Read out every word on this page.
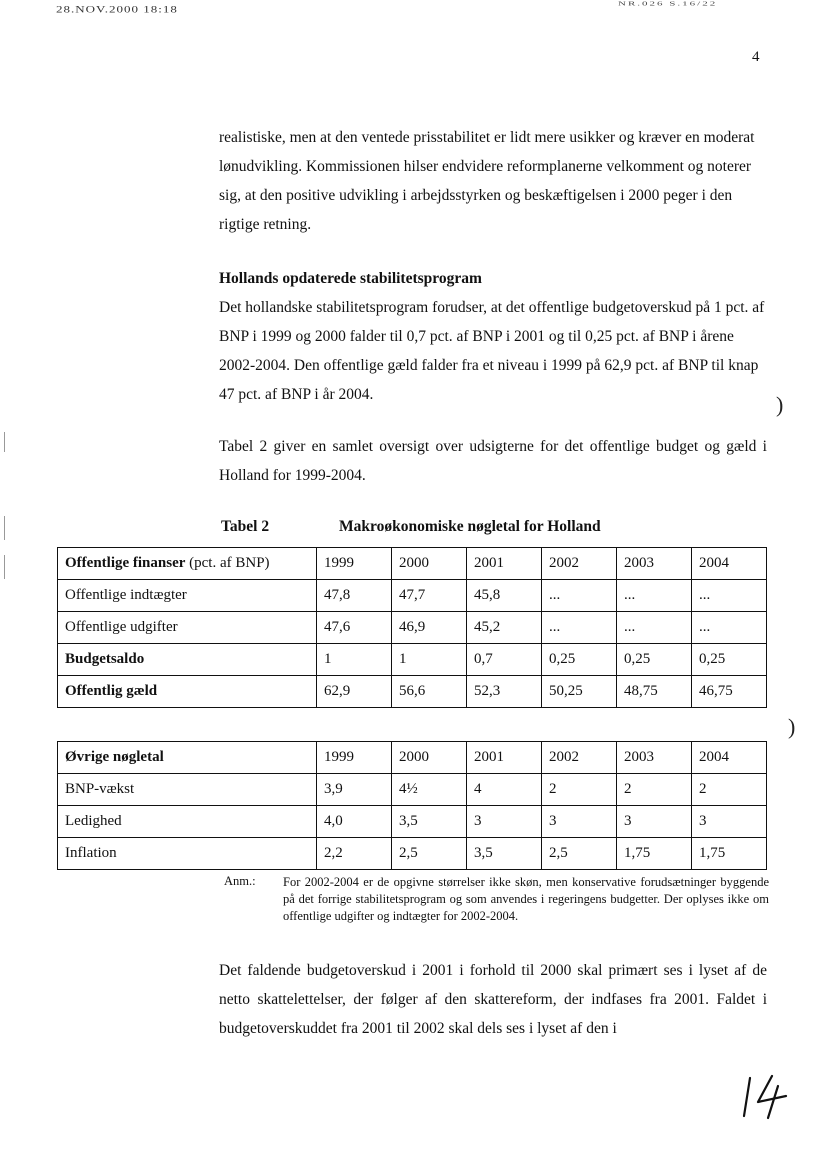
28.NOV.2000 18:18
NR.026 S.16/22
4

realistiske, men at den ventede prisstabilitet er lidt mere usikker og kræver en moderat lønudvikling. Kommissionen hilser endvidere reformplanerne velkomment og noterer sig, at den positive udvikling i arbejdsstyrken og beskæftigelsen i 2000 peger i den rigtige retning.

Hollands opdaterede stabilitetsprogram

Det hollandske stabilitetsprogram forudser, at det offentlige budgetoverskud på 1 pct. af BNP i 1999 og 2000 falder til 0,7 pct. af BNP i 2001 og til 0,25 pct. af BNP i årene 2002-2004. Den offentlige gæld falder fra et niveau i 1999 på 62,9 pct. af BNP til knap 47 pct. af BNP i år 2004.

Tabel 2 giver en samlet oversigt over udsigterne for det offentlige budget og gæld i Holland for 1999-2004.

Tabel 2	Makroøkonomiske nøgletal for Holland
Offentlige finanser (pct. af BNP)	1999	2000	2001	2002	2003	2004
Offentlige indtægter	47,8	47,7	45,8	...	...	...
Offentlige udgifter	47,6	46,9	45,2	...	...	...
Budgetsaldo	1	1	0,7	0,25	0,25	0,25
Offentlig gæld	62,9	56,6	52,3	50,25	48,75	46,75
Øvrige nøgletal	1999	2000	2001	2002	2003	2004
BNP-vækst	3,9	4½	4	2	2	2
Ledighed	4,0	3,5	3	3	3	3
Inflation	2,2	2,5	3,5	2,5	1,75	1,75
Anm.: For 2002-2004 er de opgivne størrelser ikke skøn, men konservative forudsætninger byggende på det forrige stabilitetsprogram og som anvendes i regeringens budgetter. Der oplyses ikke om offentlige udgifter og indtægter for 2002-2004.

Det faldende budgetoverskud i 2001 i forhold til 2000 skal primært ses i lyset af de netto skattelettelser, der følger af den skattereform, der indfases fra 2001. Faldet i budgetoverskuddet fra 2001 til 2002 skal dels ses i lyset af den i

)
)
